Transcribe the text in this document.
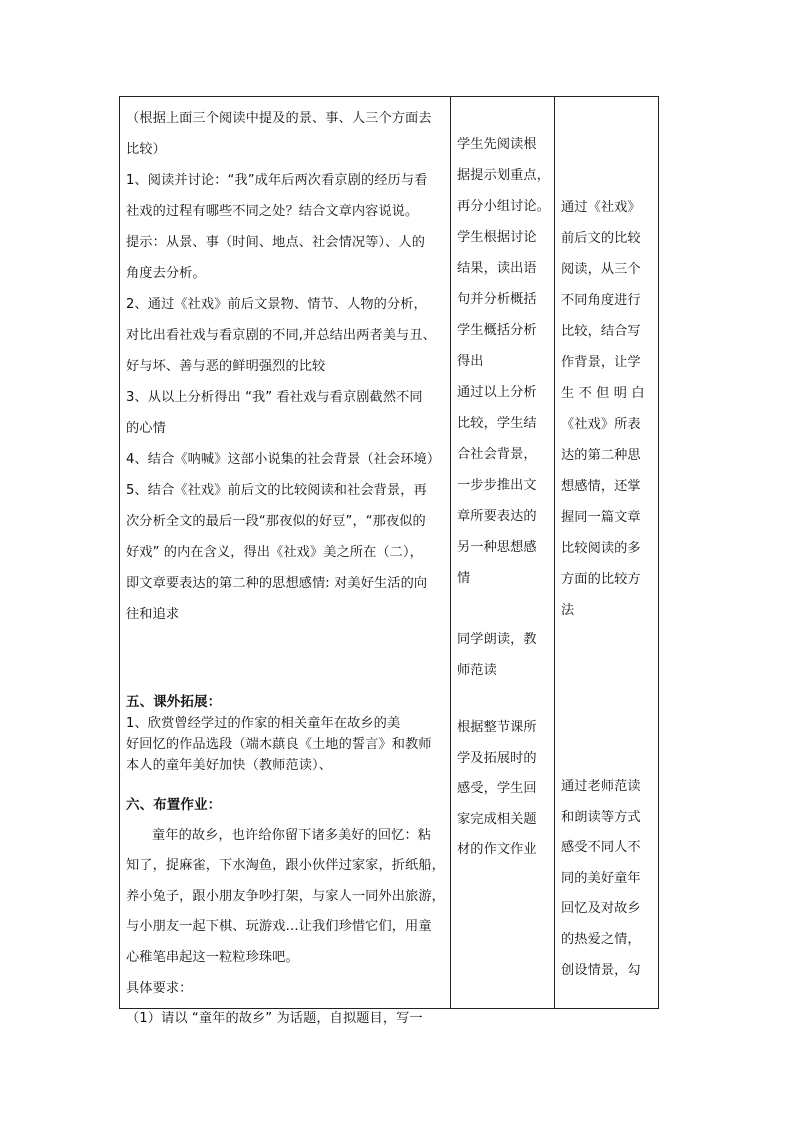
（根据上面三个阅读中提及的景、事、人三个方面去
比较）
1、阅读并讨论：“我”成年后两次看京剧的经历与看
社戏的过程有哪些不同之处？结合文章内容说说。
提示：从景、事（时间、地点、社会情况等）、人的
角度去分析。
2、通过《社戏》前后文景物、情节、人物的分析，
对比出看社戏与看京剧的不同,并总结出两者美与丑、
好与坏、善与恶的鲜明强烈的比较
3、从以上分析得出 “我” 看社戏与看京剧截然不同
的心情
4、结合《呐喊》这部小说集的社会背景（社会环境）
5、结合《社戏》前后文的比较阅读和社会背景，再
次分析全文的最后一段“那夜似的好豆”，“那夜似的
好戏” 的内在含义，得出《社戏》美之所在（二），
即文章要表达的第二种的思想感情: 对美好生活的向
往和追求
五、课外拓展：
1、欣赏曾经学过的作家的相关童年在故乡的美
好回忆的作品选段（端木蕻良《土地的誓言》和教师
本人的童年美好加快（教师范读）、
六、布置作业：
童年的故乡，也许给你留下诸多美好的回忆：粘
知了，捉麻雀，下水淘鱼，跟小伙伴过家家，折纸船，
养小兔子，跟小朋友争吵打架，与家人一同外出旅游，
与小朋友一起下棋、玩游戏…让我们珍惜它们，用童
心稚笔串起这一粒粒珍珠吧。
具体要求：
（1）请以 “童年的故乡” 为话题，自拟题目，写一

学生先阅读根
据提示划重点，
再分小组讨论。
学生根据讨论
结果，读出语
句并分析概括
学生概括分析
得出
通过以上分析
比较，学生结
合社会背景，
一步步推出文
章所要表达的
另一种思想感
情
同学朗读，教
师范读
根据整节课所
学及拓展时的
感受，学生回
家完成相关题
材的作文作业

通过《社戏》
前后文的比较
阅读，从三个
不同角度进行
比较，结合写
作背景，让学
生 不 但 明 白
《社戏》所表
达的第二种思
想感情，还掌
握同一篇文章
比较阅读的多
方面的比较方
法
通过老师范读
和朗读等方式
感受不同人不
同的美好童年
回忆及对故乡
的热爱之情，
创设情景，勾
